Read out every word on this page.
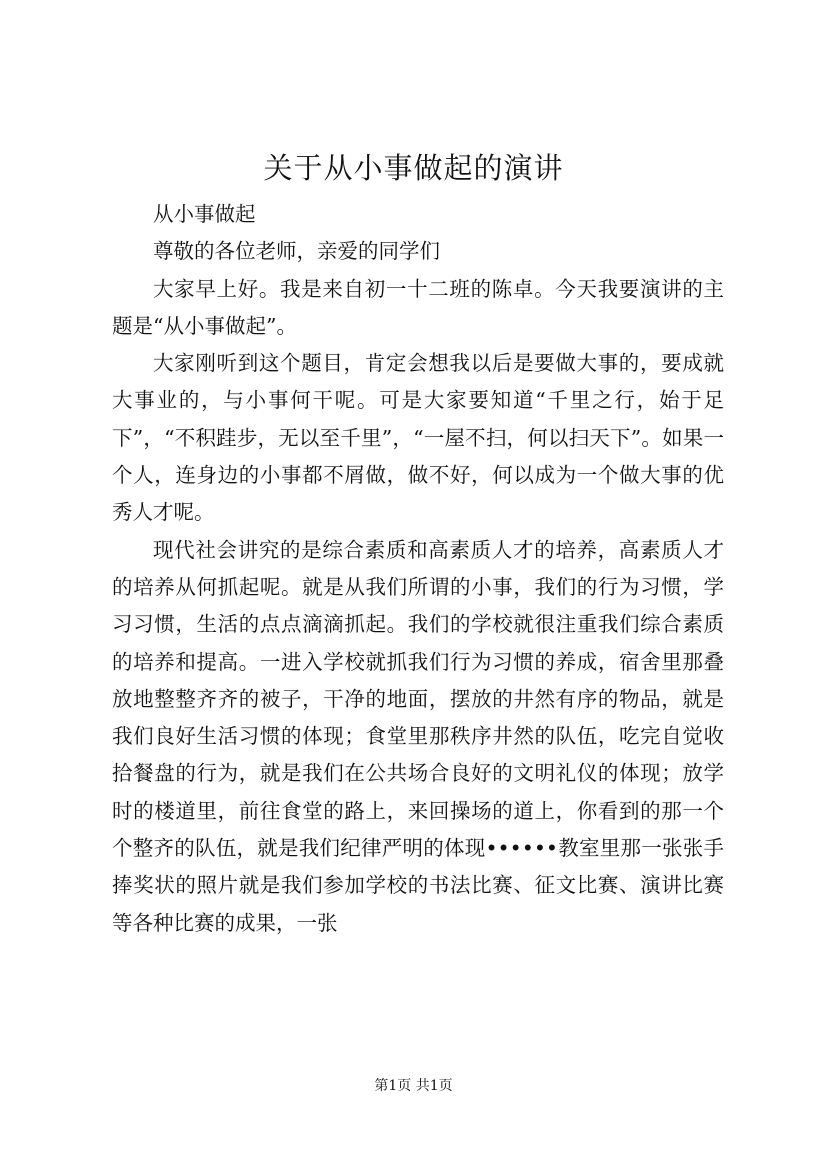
关于从小事做起的演讲

从小事做起

尊敬的各位老师，亲爱的同学们

大家早上好。我是来自初一十二班的陈卓。今天我要演讲的主题是“从小事做起”。

大家刚听到这个题目，肯定会想我以后是要做大事的，要成就大事业的，与小事何干呢。可是大家要知道“千里之行，始于足下”，“不积跬步，无以至千里”，“一屋不扫，何以扫天下”。如果一个人，连身边的小事都不屑做，做不好，何以成为一个做大事的优秀人才呢。

现代社会讲究的是综合素质和高素质人才的培养，高素质人才的培养从何抓起呢。就是从我们所谓的小事，我们的行为习惯，学习习惯，生活的点点滴滴抓起。我们的学校就很注重我们综合素质的培养和提高。一进入学校就抓我们行为习惯的养成，宿舍里那叠放地整整齐齐的被子，干净的地面，摆放的井然有序的物品，就是我们良好生活习惯的体现；食堂里那秩序井然的队伍，吃完自觉收拾餐盘的行为，就是我们在公共场合良好的文明礼仪的体现；放学时的楼道里，前往食堂的路上，来回操场的道上，你看到的那一个个整齐的队伍，就是我们纪律严明的体现••••••教室里那一张张手捧奖状的照片就是我们参加学校的书法比赛、征文比赛、演讲比赛等各种比赛的成果，一张

第1页 共1页
